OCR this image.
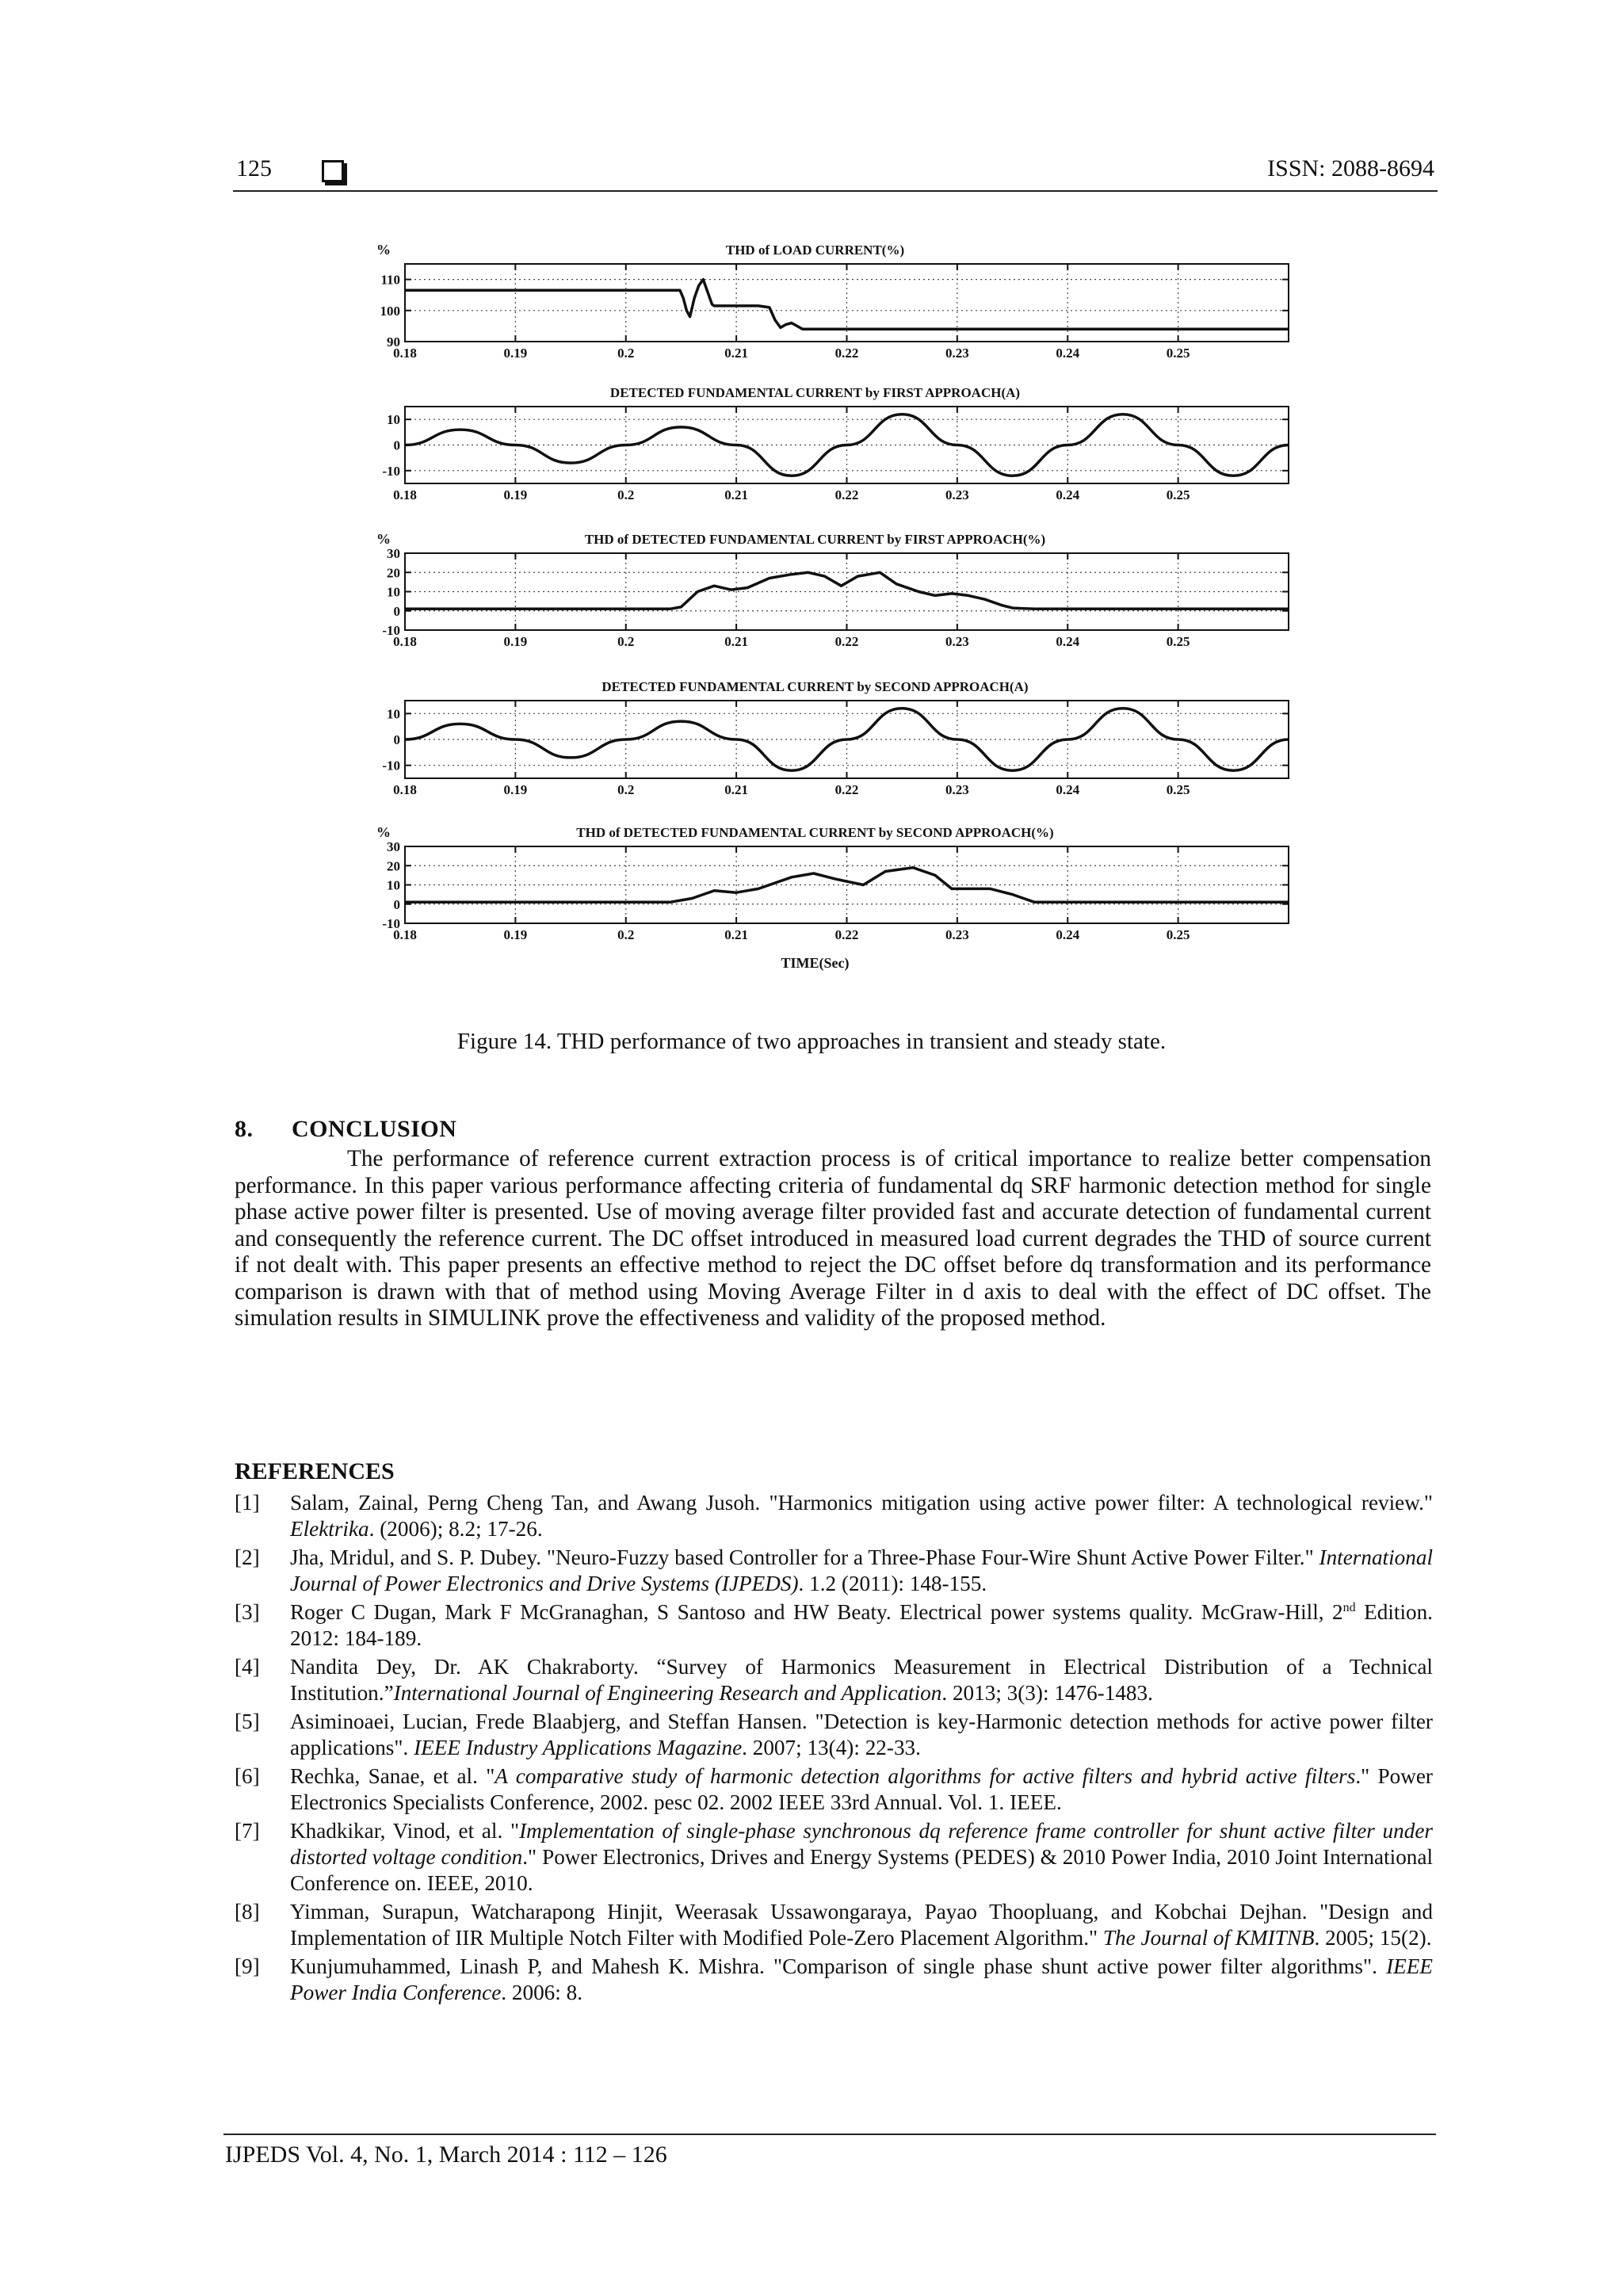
125	ISSN: 2088-8694
THD of LOAD CURRENT(%)
%
0.18	0.19	0.2	0.21	0.22	0.23	0.24	0.25
90
100
110
DETECTED FUNDAMENTAL CURRENT by FIRST APPROACH(A)
0.18	0.19	0.2	0.21	0.22	0.23	0.24	0.25
-10
0
10
THD of DETECTED FUNDAMENTAL CURRENT by FIRST APPROACH(%)
%
0.18	0.19	0.2	0.21	0.22	0.23	0.24	0.25
-10
0
10
20
30
DETECTED FUNDAMENTAL CURRENT by SECOND APPROACH(A)
0.18	0.19	0.2	0.21	0.22	0.23	0.24	0.25
-10
0
10
THD of DETECTED FUNDAMENTAL CURRENT by SECOND APPROACH(%)
%
0.18	0.19	0.2	0.21	0.22	0.23	0.24	0.25
-10
0
10
20
30
TIME(Sec)
Figure 14. THD performance of two approaches in transient and steady state.
8. CONCLUSION

The performance of reference current extraction process is of critical importance to realize better compensation performance. In this paper various performance affecting criteria of fundamental dq SRF harmonic detection method for single phase active power filter is presented. Use of moving average filter provided fast and accurate detection of fundamental current and consequently the reference current. The DC offset introduced in measured load current degrades the THD of source current if not dealt with. This paper presents an effective method to reject the DC offset before dq transformation and its performance comparison is drawn with that of method using Moving Average Filter in d axis to deal with the effect of DC offset. The simulation results in SIMULINK prove the effectiveness and validity of the proposed method.

REFERENCES
[1]	Salam, Zainal, Perng Cheng Tan, and Awang Jusoh. "Harmonics mitigation using active power filter: A technological review." Elektrika. (2006); 8.2; 17-26.
[2]	Jha, Mridul, and S. P. Dubey. "Neuro-Fuzzy based Controller for a Three-Phase Four-Wire Shunt Active Power Filter." International Journal of Power Electronics and Drive Systems (IJPEDS). 1.2 (2011): 148-155.
[3]	Roger C Dugan, Mark F McGranaghan, S Santoso and HW Beaty. Electrical power systems quality. McGraw-Hill, 2nd Edition. 2012: 184-189.
[4]	Nandita Dey, Dr. AK Chakraborty. “Survey of Harmonics Measurement in Electrical Distribution of a Technical Institution.”International Journal of Engineering Research and Application. 2013; 3(3): 1476-1483.
[5]	Asiminoaei, Lucian, Frede Blaabjerg, and Steffan Hansen. "Detection is key-Harmonic detection methods for active power filter applications". IEEE Industry Applications Magazine. 2007; 13(4): 22-33.
[6]	Rechka, Sanae, et al. "A comparative study of harmonic detection algorithms for active filters and hybrid active filters." Power Electronics Specialists Conference, 2002. pesc 02. 2002 IEEE 33rd Annual. Vol. 1. IEEE.
[7]	Khadkikar, Vinod, et al. "Implementation of single-phase synchronous dq reference frame controller for shunt active filter under distorted voltage condition." Power Electronics, Drives and Energy Systems (PEDES) & 2010 Power India, 2010 Joint International Conference on. IEEE, 2010.
[8]	Yimman, Surapun, Watcharapong Hinjit, Weerasak Ussawongaraya, Payao Thoopluang, and Kobchai Dejhan. "Design and Implementation of IIR Multiple Notch Filter with Modified Pole-Zero Placement Algorithm." The Journal of KMITNB. 2005; 15(2).
[9]	Kunjumuhammed, Linash P, and Mahesh K. Mishra. "Comparison of single phase shunt active power filter algorithms". IEEE Power India Conference. 2006: 8.
IJPEDS Vol. 4, No. 1, March 2014 : 112 – 126
